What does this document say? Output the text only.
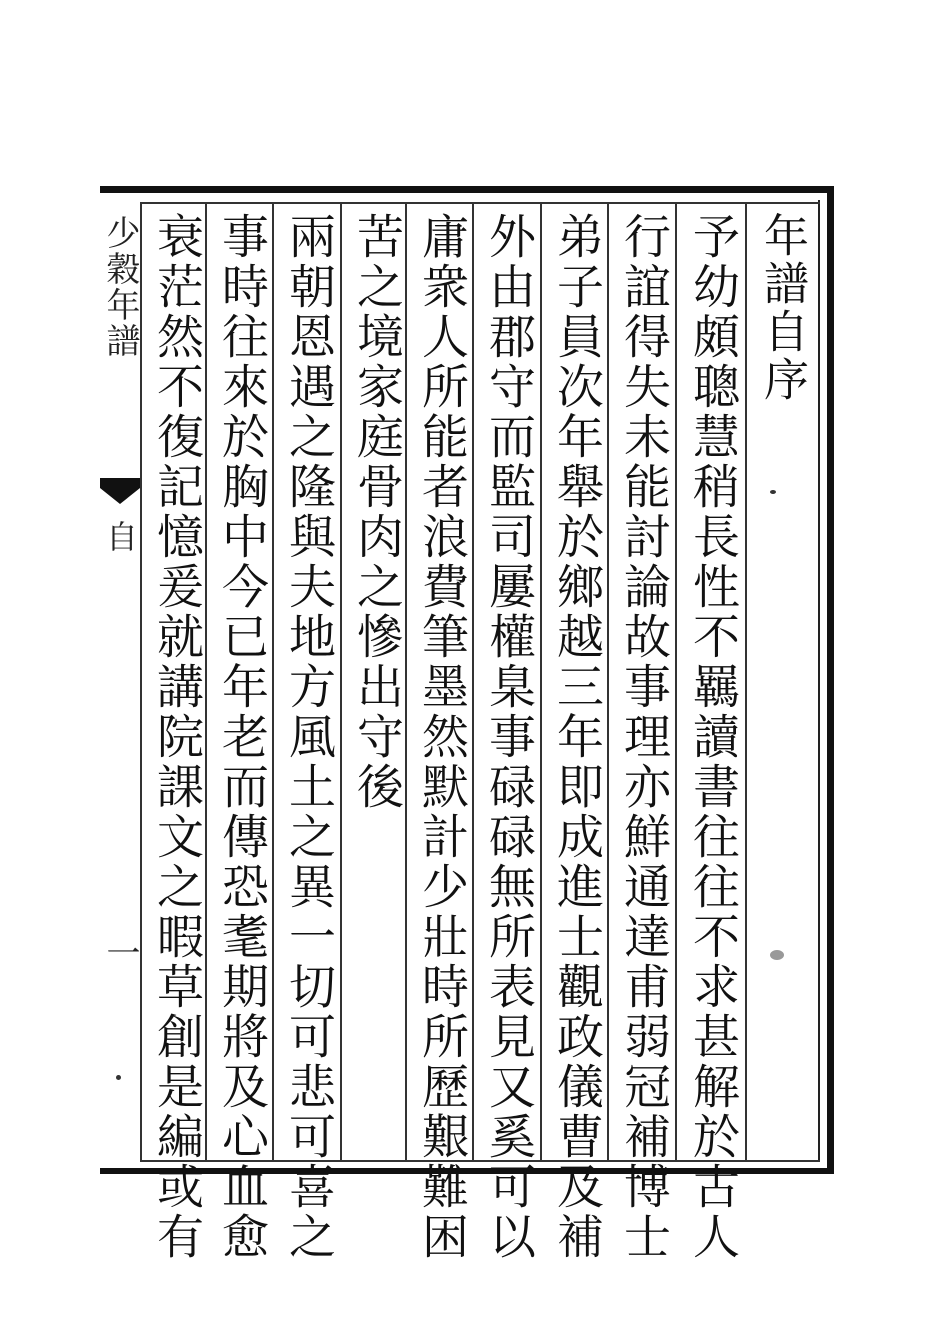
少穀年譜
自
一
年譜自序
予幼頗聰慧稍長性不羈讀書往往不求甚解於古人
行誼得失未能討論故事理亦鮮通達甫弱冠補博士
弟子員次年舉於鄉越三年即成進士觀政儀曹及補
外由郡守而監司屢權臬事碌碌無所表見又奚可以
庸衆人所能者浪費筆墨然默計少壯時所歷艱難困
苦之境家庭骨肉之慘出守後
兩朝恩遇之隆與夫地方風土之異一切可悲可喜之
事時往來於胸中今已年老而傳恐耄期將及心血愈
衰茫然不復記憶爰就講院課文之暇草創是編或有
